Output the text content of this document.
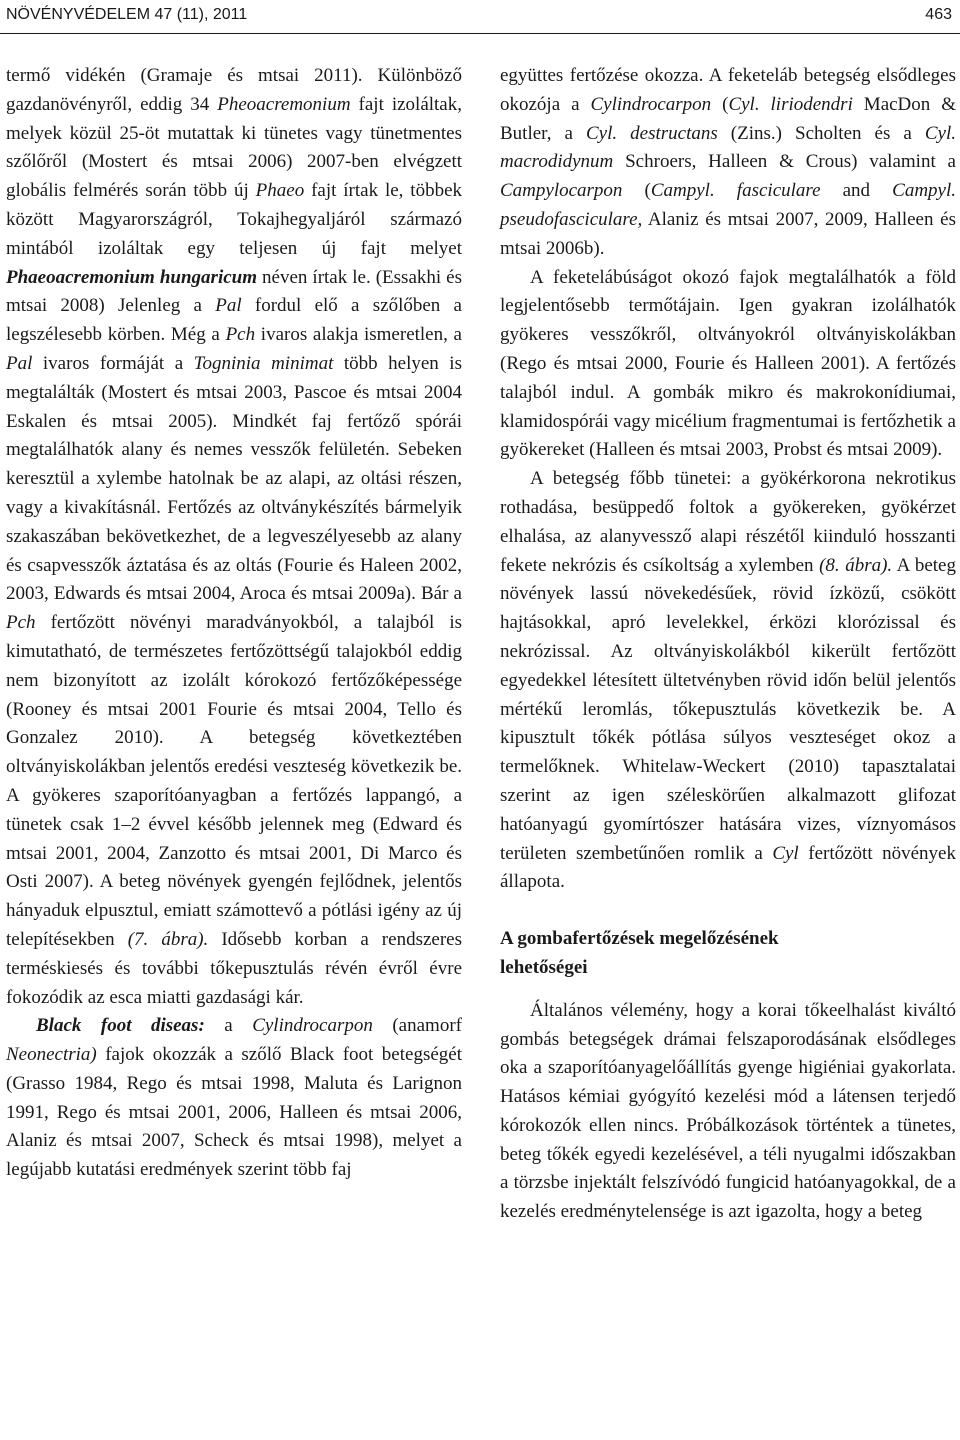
NÖVÉNYVÉDELEM 47 (11), 2011	463

termő vidékén (Gramaje és mtsai 2011). Különböző gazdanövényről, eddig 34 Pheoacremonium fajt izoláltak, melyek közül 25-öt mutattak ki tünetes vagy tünetmentes szőlőről (Mostert és mtsai 2006) 2007-ben elvégzett globális felmérés során több új Phaeo fajt írtak le, többek között Magyarországról, Tokajhegyaljáról származó mintából izoláltak egy teljesen új fajt melyet Phaeoacremonium hungaricum néven írtak le. (Essakhi és mtsai 2008) Jelenleg a Pal fordul elő a szőlőben a legszélesebb körben. Még a Pch ivaros alakja ismeretlen, a Pal ivaros formáját a Togninia minimat több helyen is megtalálták (Mostert és mtsai 2003, Pascoe és mtsai 2004 Eskalen és mtsai 2005). Mindkét faj fertőző spórái megtalálhatók alany és nemes vesszők felületén. Sebeken keresztül a xylembe hatolnak be az alapi, az oltási részen, vagy a kivakításnál. Fertőzés az oltványkészítés bármelyik szakaszában bekövetkezhet, de a legveszélyesebb az alany és csapvesszők áztatása és az oltás (Fourie és Haleen 2002, 2003, Edwards és mtsai 2004, Aroca és mtsai 2009a). Bár a Pch fertőzött növényi maradványokból, a talajból is kimutatható, de természetes fertőzöttségű talajokból eddig nem bizonyított az izolált kórokozó fertőzőképessége (Rooney és mtsai 2001 Fourie és mtsai 2004, Tello és Gonzalez 2010). A betegség következtében oltványiskolákban jelentős eredési veszteség következik be. A gyökeres szaporítóanyagban a fertőzés lappangó, a tünetek csak 1–2 évvel később jelennek meg (Edward és mtsai 2001, 2004, Zanzotto és mtsai 2001, Di Marco és Osti 2007). A beteg növények gyengén fejlődnek, jelentős hányaduk elpusztul, emiatt számottevő a pótlási igény az új telepítésekben (7. ábra). Idősebb korban a rendszeres terméskiesés és további tőkepusztulás révén évről évre fokozódik az esca miatti gazdasági kár.

Black foot diseas: a Cylindrocarpon (anamorf Neonectria) fajok okozzák a szőlő Black foot betegségét (Grasso 1984, Rego és mtsai 1998, Maluta és Larignon 1991, Rego és mtsai 2001, 2006, Halleen és mtsai 2006, Alaniz és mtsai 2007, Scheck és mtsai 1998), melyet a legújabb kutatási eredmények szerint több faj

együttes fertőzése okozza. A feketeláb betegség elsődleges okozója a Cylindrocarpon (Cyl. liriodendri MacDon & Butler, a Cyl. destructans (Zins.) Scholten és a Cyl. macrodidynum Schroers, Halleen & Crous) valamint a Campylocarpon (Campyl. fasciculare and Campyl. pseudofasciculare, Alaniz és mtsai 2007, 2009, Halleen és mtsai 2006b).

A feketelábúságot okozó fajok megtalálhatók a föld legjelentősebb termőtájain. Igen gyakran izolálhatók gyökeres vesszőkről, oltványokról oltványiskolákban (Rego és mtsai 2000, Fourie és Halleen 2001). A fertőzés talajból indul. A gombák mikro és makrokonídiumai, klamidospórái vagy micélium fragmentumai is fertőzhetik a gyökereket (Halleen és mtsai 2003, Probst és mtsai 2009).

A betegség főbb tünetei: a gyökérkorona nekrotikus rothadása, besüppedő foltok a gyökereken, gyökérzet elhalása, az alanyvessző alapi részétől kiinduló hosszanti fekete nekrózis és csíkoltság a xylemben (8. ábra). A beteg növények lassú növekedésűek, rövid ízközű, csökött hajtásokkal, apró levelekkel, érközi klorózissal és nekrózissal. Az oltványiskolákból kikerült fertőzött egyedekkel létesített ültetvényben rövid időn belül jelentős mértékű leromlás, tőkepusztulás következik be. A kipusztult tőkék pótlása súlyos veszteséget okoz a termelőknek. Whitelaw-Weckert (2010) tapasztalatai szerint az igen széleskörűen alkalmazott glifozat hatóanyagú gyomírtószer hatására vizes, víznyomásos területen szembetűnően romlik a Cyl fertőzött növények állapota.

A gombafertőzések megelőzésének lehetőségei

Általános vélemény, hogy a korai tőkeelhalást kiváltó gombás betegségek drámai felszaporodásának elsődleges oka a szaporítóanyagelőállítás gyenge higiéniai gyakorlata. Hatásos kémiai gyógyító kezelési mód a látensen terjedő kórokozók ellen nincs. Próbálkozások történtek a tünetes, beteg tőkék egyedi kezelésével, a téli nyugalmi időszakban a törzsbe injektált felszívódó fungicid hatóanyagokkal, de a kezelés eredménytelensége is azt igazolta, hogy a beteg
